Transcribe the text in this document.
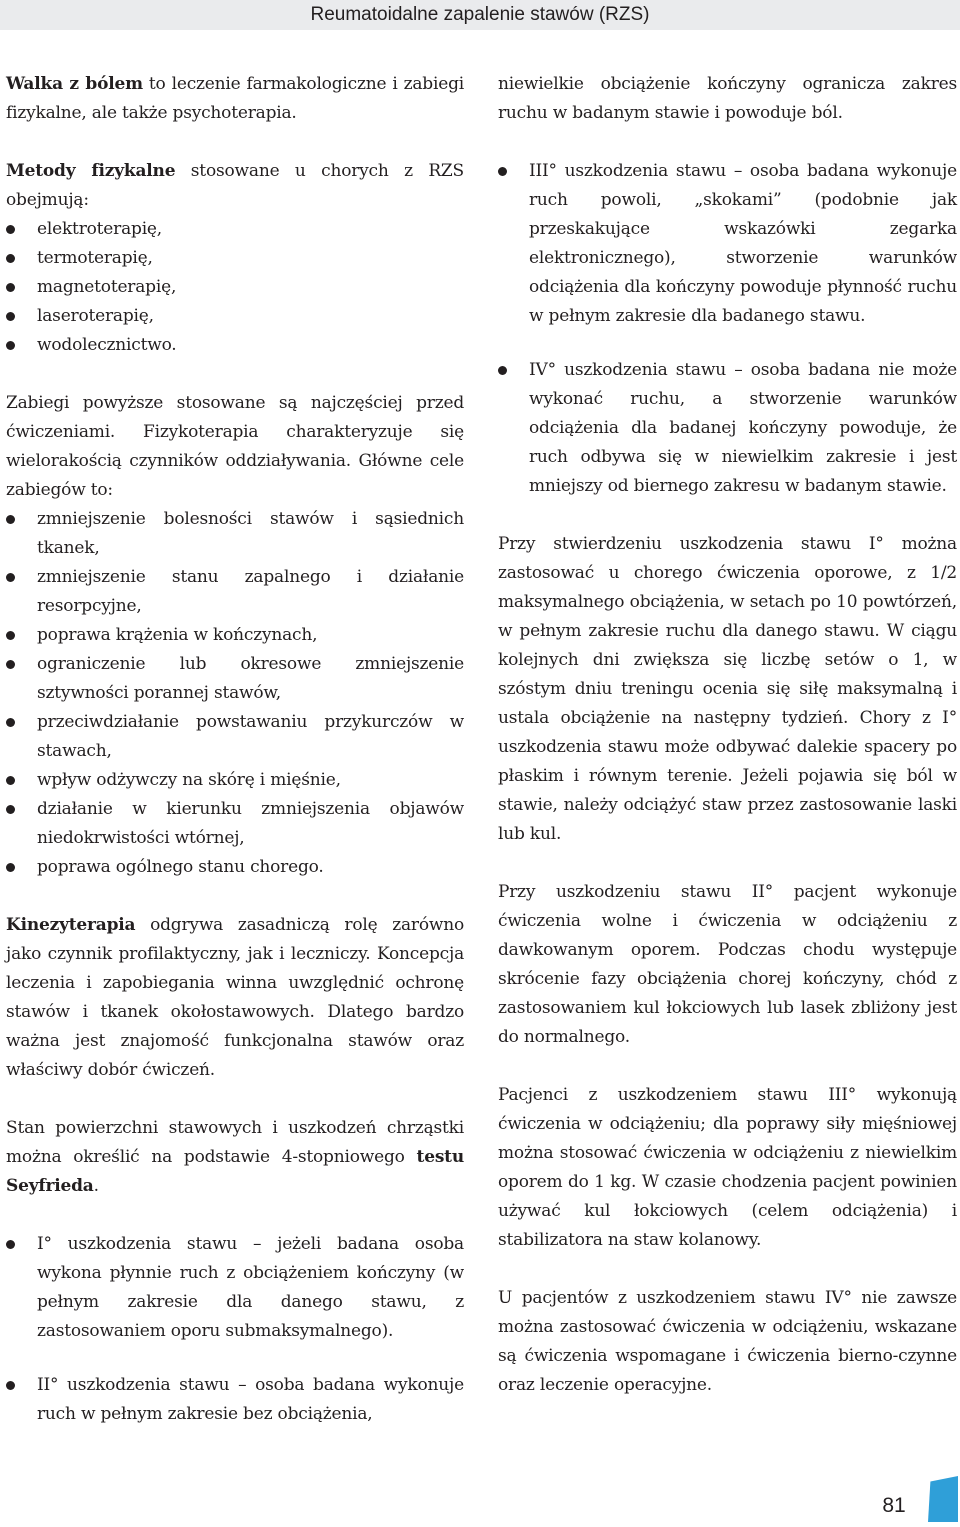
Reumatoidalne zapalenie stawów (RZS)

Walka z bólem to leczenie farmakologiczne i zabiegi fizykalne, ale także psychoterapia.

Metody fizykalne stosowane u chorych z RZS obejmują:

elektroterapię,
termoterapię,
magnetoterapię,
laseroterapię,
wodolecznictwo.

Zabiegi powyższe stosowane są najczęściej przed ćwiczeniami. Fizykoterapia charakteryzuje się wielorakością czynników oddziaływania. Główne cele zabiegów to:

zmniejszenie bolesności stawów i sąsiednich tkanek,
zmniejszenie stanu zapalnego i działanie resorpcyjne,
poprawa krążenia w kończynach,
ograniczenie lub okresowe zmniejszenie sztywności porannej stawów,
przeciwdziałanie powstawaniu przykurczów w stawach,
wpływ odżywczy na skórę i mięśnie,
działanie w kierunku zmniejszenia objawów niedokrwistości wtórnej,
poprawa ogólnego stanu chorego.

Kinezyterapia odgrywa zasadniczą rolę zarówno jako czynnik profilaktyczny, jak i leczniczy. Koncepcja leczenia i zapobiegania winna uwzględnić ochronę stawów i tkanek okołostawowych. Dlatego bardzo ważna jest znajomość funkcjonalna stawów oraz właściwy dobór ćwiczeń.

Stan powierzchni stawowych i uszkodzeń chrząstki można określić na podstawie 4-stopniowego testu Seyfrieda.

I° uszkodzenia stawu – jeżeli badana osoba wykona płynnie ruch z obciążeniem kończyny (w pełnym zakresie dla danego stawu, z zastosowaniem oporu submaksymalnego).
II° uszkodzenia stawu – osoba badana wykonuje ruch w pełnym zakresie bez obciążenia,

niewielkie obciążenie kończyny ogranicza zakres ruchu w badanym stawie i powoduje ból.

III° uszkodzenia stawu – osoba badana wykonuje ruch powoli, „skokami” (podobnie jak przeskakujące wskazówki zegarka elektronicznego), stworzenie warunków odciążenia dla kończyny powoduje płynność ruchu w pełnym zakresie dla badanego stawu.
IV° uszkodzenia stawu – osoba badana nie może wykonać ruchu, a stworzenie warunków odciążenia dla badanej kończyny powoduje, że ruch odbywa się w niewielkim zakresie i jest mniejszy od biernego zakresu w badanym stawie.

Przy stwierdzeniu uszkodzenia stawu I° można zastosować u chorego ćwiczenia oporowe, z 1/2 maksymalnego obciążenia, w setach po 10 powtórzeń, w pełnym zakresie ruchu dla danego stawu. W ciągu kolejnych dni zwiększa się liczbę setów o 1, w szóstym dniu treningu ocenia się siłę maksymalną i ustala obciążenie na następny tydzień. Chory z I° uszkodzenia stawu może odbywać dalekie spacery po płaskim i równym terenie. Jeżeli pojawia się ból w stawie, należy odciążyć staw przez zastosowanie laski lub kul.

Przy uszkodzeniu stawu II° pacjent wykonuje ćwiczenia wolne i ćwiczenia w odciążeniu z dawkowanym oporem. Podczas chodu występuje skrócenie fazy obciążenia chorej kończyny, chód z zastosowaniem kul łokciowych lub lasek zbliżony jest do normalnego.

Pacjenci z uszkodzeniem stawu III° wykonują ćwiczenia w odciążeniu; dla poprawy siły mięśniowej można stosować ćwiczenia w odciążeniu z niewielkim oporem do 1 kg. W czasie chodzenia pacjent powinien używać kul łokciowych (celem odciążenia) i stabilizatora na staw kolanowy.

U pacjentów z uszkodzeniem stawu IV° nie zawsze można zastosować ćwiczenia w odciążeniu, wskazane są ćwiczenia wspomagane i ćwiczenia bierno-czynne oraz leczenie operacyjne.

81
